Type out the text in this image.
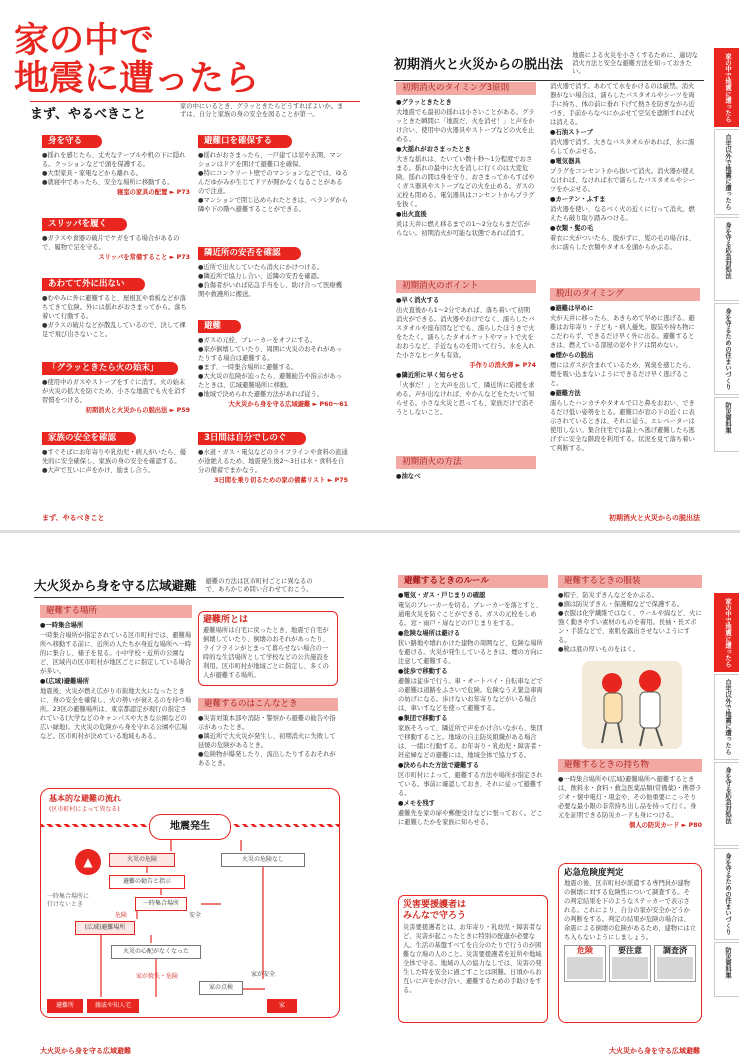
家の中で
地震に遭ったら
まず、やるべきこと
家の中にいるとき、グラッときたらどうすればよいか。まずは、自分と家族の身の安全を図ることが第一。
身を守る

●揺れを感じたら、丈夫なテーブルや机の下に隠れる。クッションなどで頭を保護する。
●大型家具・家電などから離れる。
●就寝中であったら、安全な場所に移動する。

寝室の家具の配置 ► P73

スリッパを履く

●ガラスや食器の破片でケガをする場合があるので、履物で足を守る。

スリッパを常備すること ► P73

あわてて外に出ない

●むやみに外に避難すると、屋根瓦や看板などが落ちてきて危険。外には揺れがおさまってから。落ち着いて行動する。
●ガラスの破片などが散乱しているので、決して裸足で飛び出さないこと。

「グラッときたら火の始末」

●使用中のガスやストーブをすぐに消す。火の始末が火災の拡大を防ぐため、小さな地震でも火を消す習慣をつける。

初期消火と火災からの脱出法 ► P59

家族の安全を確認

●すぐそばにお年寄りや乳幼児・病人がいたら、優先的に安全確保し、家族の身の安全を確認する。
●大声で互いに声をかけ、励まし合う。

避難口を確保する

●揺れがおさまったら、一戸建ては窓や玄関、マンションはドアを開けて避難口を確保。
●特にコンクリート壁でのマンションなどでは、ゆるんだゆがみが生じてドアが開かなくなることがあるので注意。
●マンションで閉じ込められたときは、ベランダから隣や下の階へ避難することができる。

隣近所の安否を確認

●近所で出火していたら消火にかけつける。
●隣近所で協力し合い、近隣の安否を確認。
●負傷者がいれば応急手当をし、助け合って医療機関や救護所に搬送。

避難

●ガスの元栓、ブレーカーをオフにする。
●家が倒壊していたり、周囲に火災のおそれがあったりする場合は避難する。
●まず、一時集合場所に避難する。
●大火災の危険が迫ったら、避難勧告や指示があったときは、広域避難場所に移動。
●地域で決められた避難方法があれば従う。

大火災から身を守る広域避難 ► P60〜61

3日間は自分でしのぐ

●水道・ガス・電気などのライフラインや食料の流通が途絶えるため、地震発生後2〜3日は水・食料を自分の備蓄でまかなう。

3日間を乗り切るための家の備蓄リスト ► P75

まず、やるべきこと
初期消火と火災からの脱出法 地震による火災を小さくするために、適切な消火方法と安全な避難方法を知っておきたい。
初期消火のタイミング3原則

●グラッときたとき

大地震でも最初の揺れは小さいことがある。グラッときた瞬間に「地震だ、火を消せ！」と声をかけ合い、使用中の火器具やストーブなどの火を止める。

●大揺れがおさまったとき

大きな揺れは、たいてい数十秒〜1分程度でおさまる。揺れの最中に火を消しに行くのは大変危険。揺れの間は身を守り、おさまってからすばやくガス器具やストーブなどの火を止める。ガスの元栓も閉める。電気器具はコンセントからプラグを抜く。

●出火直後

炎は天井に燃え移るまでの1〜2分ならまだ広がらない。初期消火が可能な状態であれば消す。

初期消火のポイント

●早く消火する

出火直後から1〜2分であれば、落ち着いて初期消火ができる。消火器やおけでなく、濡らしたバスタオルや座布団などでも、濡らしたほうきで火をたたく。濡らしたタオルケットやマットで火をおおうなど、手近なものを用いて行う。水を入れた小さなヒータも有効。

手作りの消火弾 ► P74

●隣近所に早く知らせる

「火事だ！」と大声を出して、隣近所に応援を求める。声が出なければ、やかんなどをたたいて知らせる。小さな火災と思っても、家族だけで消そうとしないこと。

初期消火の方法

●油なべ

消火器で消す。あわてて水をかけるのは厳禁。消火器がない場合は、濡らしたバスタオルやシーツを両手に持ち、体の前に垂れ下げて熱さを防ぎながら近づき、手前からなべにかぶせて空気を遮断すれば火は消える。

●石油ストーブ

消火器で消す。大きなバスタオルがあれば、水に濡らしてかぶせる。

●電気器具

プラグをコンセントから抜いて消火。消火器が使えなければ、なければ水で濡らしたバスタオルやシーツをかぶせる。

●カーテン・ふすま

消火器を使い、なるべく火の近くに行って消火。燃えたら破り取り踏みつける。

●衣類・髪の毛

着衣に火がついたら、脱がずに、髪の毛の場合は、水に濡らした衣類やタオルを頭からかぶる。

脱出のタイミング

●避難は早めに

火が天井に移ったら、あきらめて早めに逃げる。避難はお年寄り・子ども・病人優先。服装や持ち物にこだわらず、できるだけ早く外に出る。避難するときは、燃えている部屋の窓やドアは閉めない。

●煙からの脱出

煙にはガスが含まれているため、異臭を感じたら、煙を吸い込まないようにできるだけ早く逃げること。

●避難方法

濡らしたハンカチやタオルで口と鼻をおおい、できるだけ低い姿勢をとる。避難口が窓の下の近くに表示されているときは、それに従う。エレベーターは使用しない。集合住宅では最上へ逃げ避難したら逃げずに安全な階段を利用する。状況を見て落ち着いて判断する。

初期消火と火災からの脱出法
家の中で地震に遭ったら
自宅以外で地震に遭ったら
身を守る応急対処法
身を守るための住まいづくり
防災資料集
大火災から身を守る広域避難 避難の方法は区市町村ごとに異なるので、あらかじめ問い合わせておこう。
避難する場所

●一時集合場所

一時集合場所が指定されている区市町村では、避難場所へ移動する前に、近所の人たちが身近な場所へ一時的に集合し、様子を見る。小中学校・近所の公園など、区域内の区市町村が地区ごとに指定している場合が多い。

●(広域)避難場所

地震後、火災が燃え広がり市街地大火になったときに、身の安全を確保し、火の勢いが衰えるのを待つ場所。23区の避難場所は、東京都認定が現行の指定されている(大学などのキャンパスや大きな公園などの広い緑地)。大火災の危険から身を守れる公園や広場など。区市町村が決めている地域もある。

避難所とは

避難場所は自宅に戻ったとき、地震で自宅が倒壊していたり、倒壊のおそれがあったり、ライフラインがとまって暮らせない場合の一時的な生活場所として学校などの公共施設を利用。区市町村が地域ごとに指定し、多くの人が避難する場所。

避難するのはこんなとき

●災害対策本部や消防・警察から避難の勧告や指示があったとき。
●隣近所で大火災が発生し、初期消火に失敗して延焼の危険があるとき。
●危険物が爆発したり、流出したりするおそれがあるとき。

基本的な避難の流れ
(区市町村によって異なる)
地震発生
▲	火災の危険	火災の危険なし
避難の勧告と指示
一時集合場所に行けないとき	一時集合場所
危険	安全
(広域)避難場所
火災の心配がなくなった
家が焼失・危険	家が安全
家の点検
避難所	親戚や知人宅	家
大火災から身を守る広域避難
避難するときのルール

●電気・ガス・戸じまりの確認

電気のブレーカーを切る。ブレーカーを落とすと、通電火災を防ぐことができる。ガスの元栓をしめる。窓・雨戸・扉などの戸じまりをする。

●危険な場所は避ける

狭い路地や壊れかけた建物の周囲など、危険な場所を避ける。火災が発生しているときは、煙の方向に注意して避難する。

●徒歩で移動する

避難は徒歩で行う。車・オートバイ・自転車などでの避難は道路をふさいで危険。危険なうえ緊急車両の妨げになる。歩けないお年寄りなどがいる場合は、車いすなどを使って避難する。

●集団で移動する

家族そろって、隣近所で声をかけ合いながら、集団で移動すること。地域の自主防災組織がある場合は、一緒に行動する。お年寄り・乳幼児・障害者・妊産婦などの避難には、地域全体で協力する。

●決められた方法で避難する

区市町村によって、避難する方法や場所が指定されている。事前に確認しておき、それに従って避難する。

●メモを残す

避難先を家の扉や郵便受けなどに張っておく。どこに避難したかを家族に知らせる。

災害要援護者は
みんなで守ろう

災害要援護者とは、お年寄り・乳幼児・障害者など、災害が起こったときに特別の配慮が必要な人。生活の基盤すべてを自分のたりで行うのが困難な立場の人のこと。災害要援護者を近所や地域全体で守る。地域の人の協力なしでは、災害の発生した時を安全に過ごすことは困難。日頃からお互いに声をかけ合い、避難するための手助けをする。

避難するときの服装

●帽子、防災ずきんなどをかぶる。
●頭は防災ずきん・保護帽などで保護する。
●衣服は化学繊維ではなく、ウールや綿など、火に強く動きやすい素材のものを着用。長袖・長ズボン・手袋などで、素肌を露出させないようにする。
●靴は底の厚いものをはく。

避難するときの持ち物

●一時集合場所や(広域)避難場所へ避難するときは、飲料水・食料・救急医薬品類(常備薬)・携帯ラジオ・懐中電灯・現金や、その他重要にこっそり必要な最小限の非常持ち出し品を持って行く。身元を証明できる防災カードも身につける。

個人の防災カード ► P80

応急危険度判定

地震の後、区市町村が派遣する専門員が建物の倒壊に対する危険性について調査する。その判定結果を下のようなステッカーで表示される。これにより、自分の家が安全かどうかの判断をする。判定の結果が危険の場合は、余震による倒壊の危険があるため、建物には立ち入らないようにしましょう。

危険	要注意	調査済
大火災から身を守る広域避難
家の中で地震に遭ったら
自宅以外で地震に遭ったら
身を守る応急対処法
身を守るための住まいづくり
防災資料集
